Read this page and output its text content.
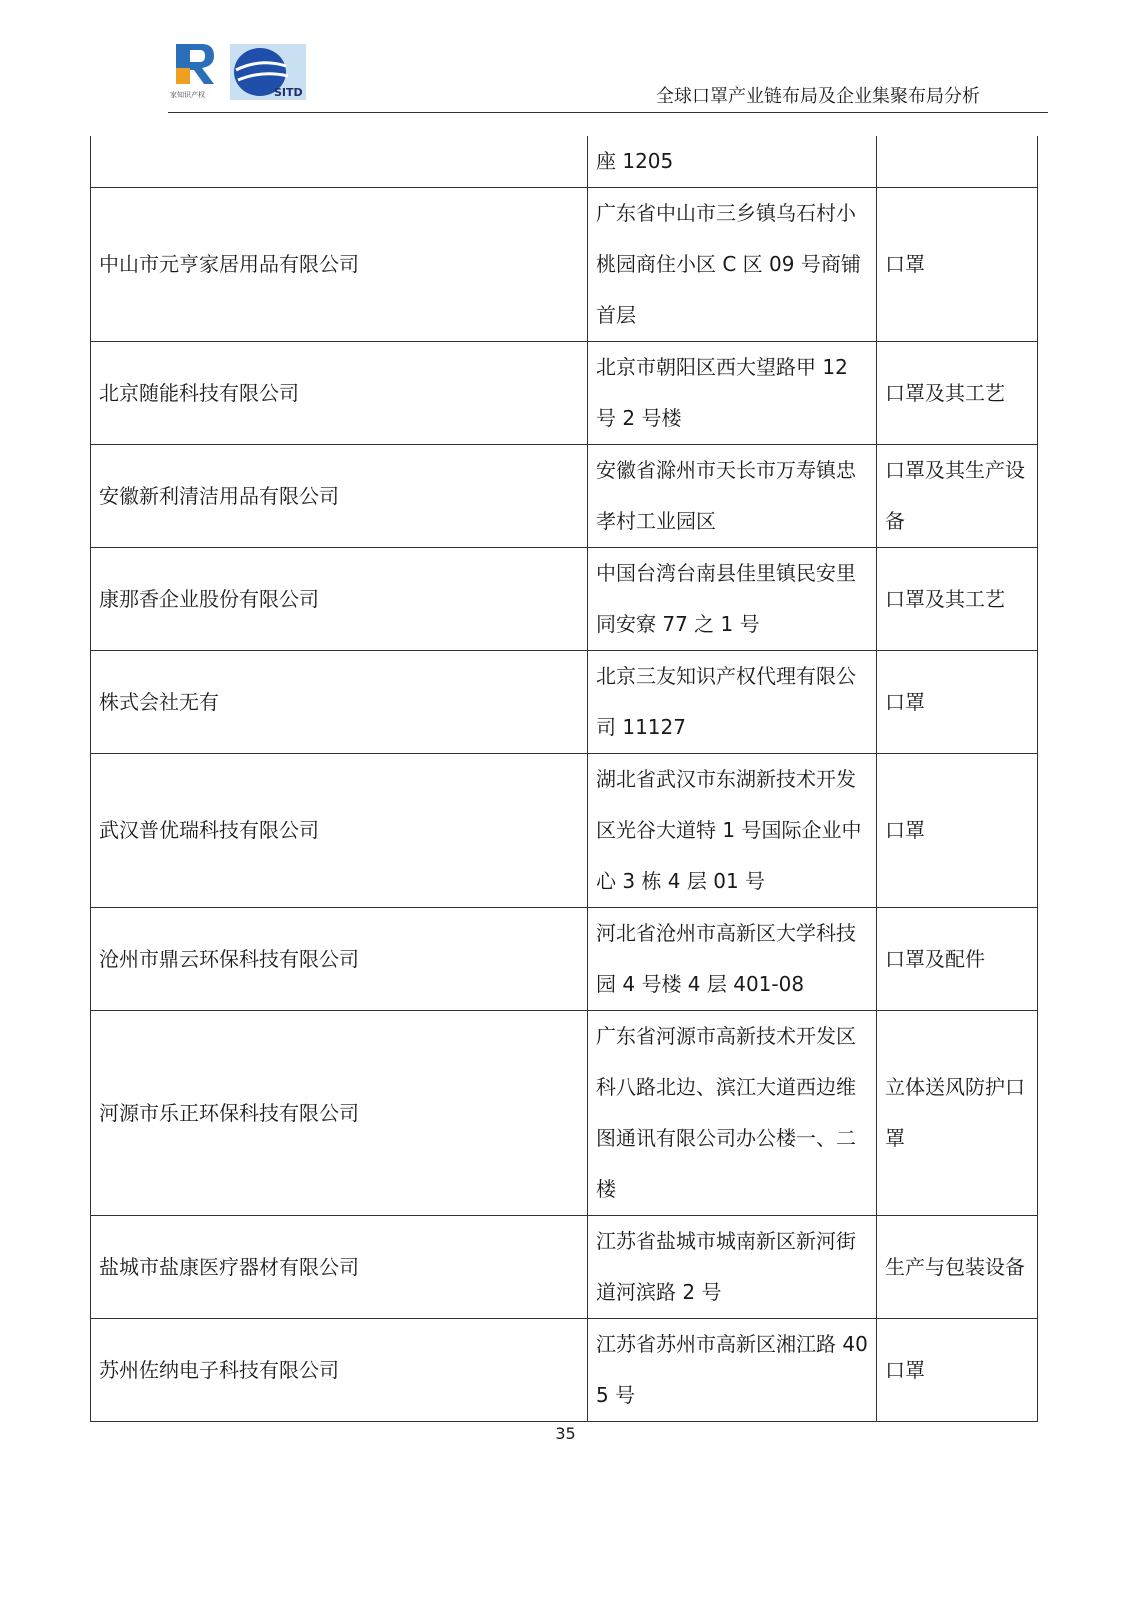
家知识产权	SITD	全球口罩产业链布局及企业集聚布局分析
	座 1205	
中山市元亨家居用品有限公司	广东省中山市三乡镇乌石村小桃园商住小区 C 区 09 号商铺首层	口罩
北京随能科技有限公司	北京市朝阳区西大望路甲 12 号 2 号楼	口罩及其工艺
安徽新利清洁用品有限公司	安徽省滁州市天长市万寿镇忠孝村工业园区	口罩及其生产设备
康那香企业股份有限公司	中国台湾台南县佳里镇民安里同安寮 77 之 1 号	口罩及其工艺
株式会社无有	北京三友知识产权代理有限公司 11127	口罩
武汉普优瑞科技有限公司	湖北省武汉市东湖新技术开发区光谷大道特 1 号国际企业中心 3 栋 4 层 01 号	口罩
沧州市鼎云环保科技有限公司	河北省沧州市高新区大学科技园 4 号楼 4 层 401-08	口罩及配件
河源市乐正环保科技有限公司	广东省河源市高新技术开发区科八路北边、滨江大道西边维图通讯有限公司办公楼一、二楼	立体送风防护口罩
盐城市盐康医疗器材有限公司	江苏省盐城市城南新区新河街道河滨路 2 号	生产与包装设备
苏州佐纳电子科技有限公司	江苏省苏州市高新区湘江路 405 号	口罩
35
